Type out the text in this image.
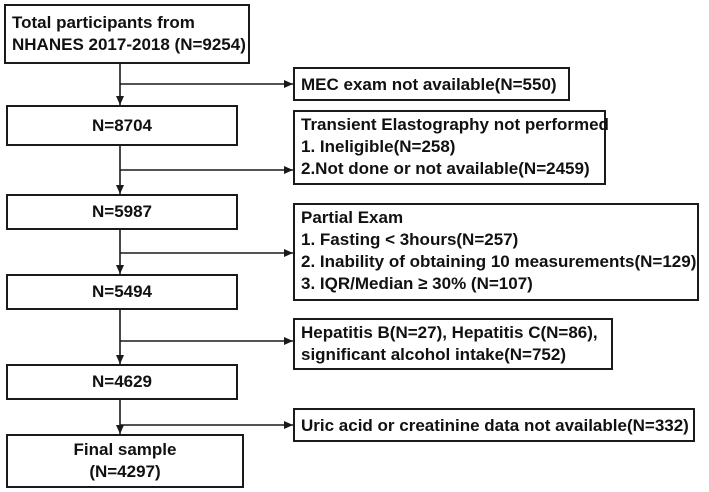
Total participants from
NHANES 2017-2018 (N=9254)
N=8704
N=5987
N=5494
N=4629
Final sample
(N=4297)
MEC exam not available(N=550)
Transient Elastography not performed
1. Ineligible(N=258)
2.Not done or not available(N=2459)
Partial Exam
1. Fasting < 3hours(N=257)
2. Inability of obtaining 10 measurements(N=129)
3. IQR/Median ≥ 30% (N=107)
Hepatitis B(N=27), Hepatitis C(N=86),
significant alcohol intake(N=752)
Uric acid or creatinine data not available(N=332)
